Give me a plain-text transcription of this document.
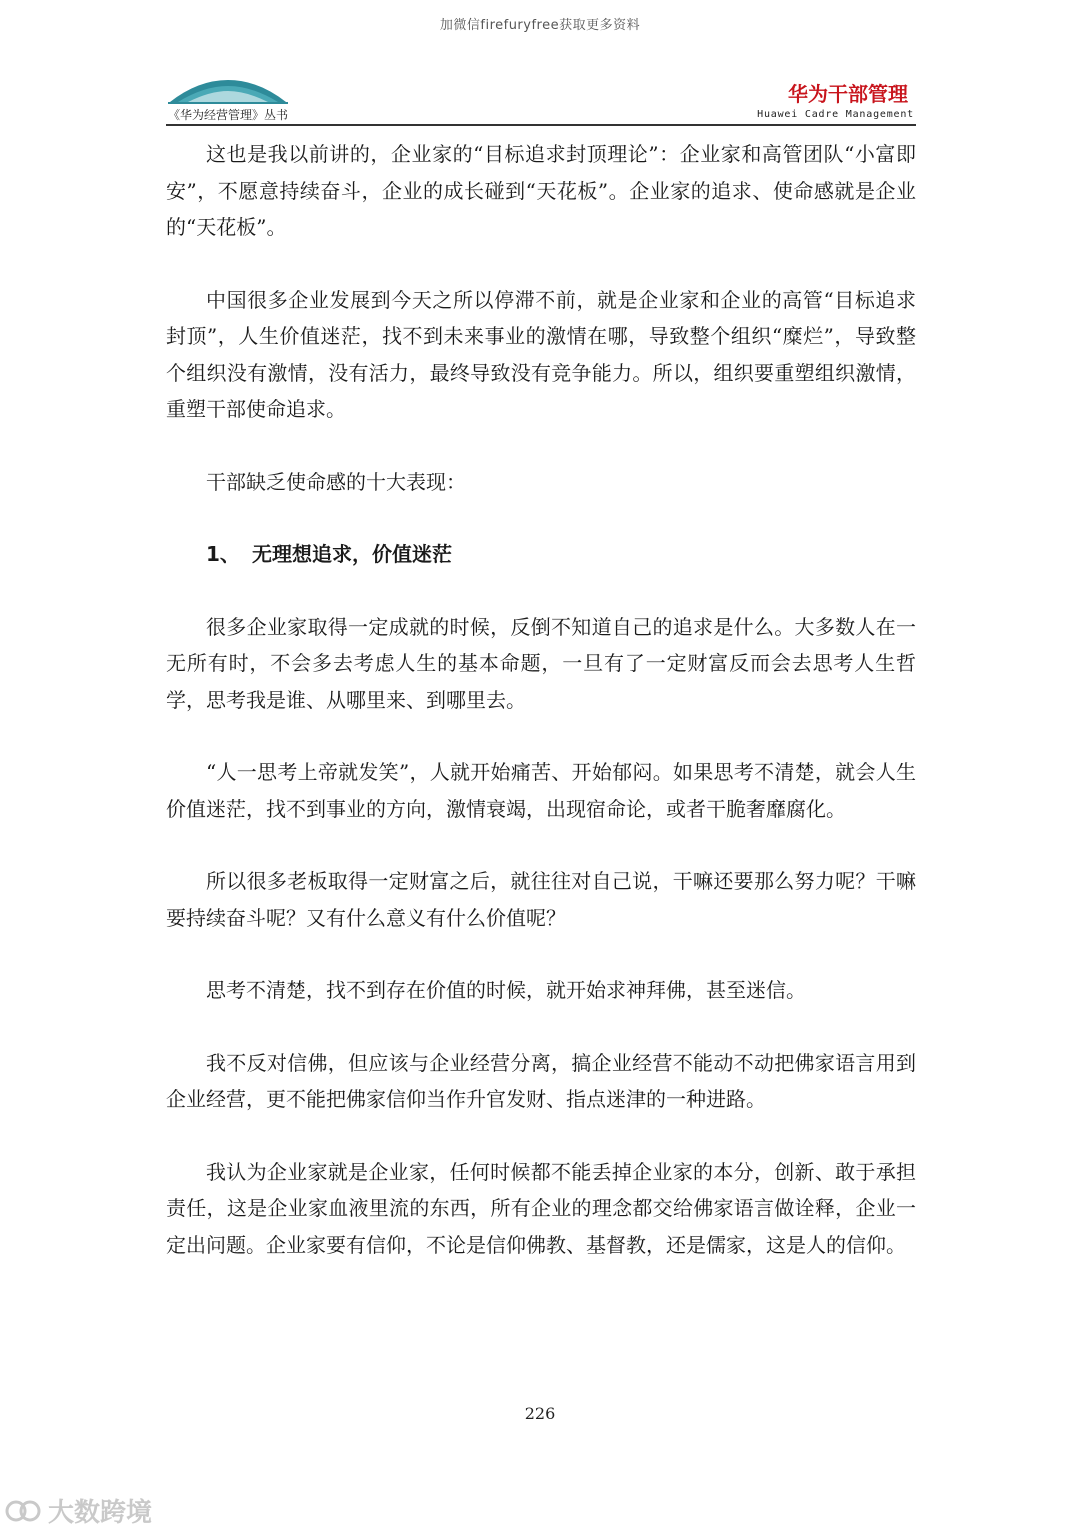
加微信firefuryfree获取更多资料
《华为经营管理》丛书
华为干部管理
Huawei Cadre Management

这也是我以前讲的，企业家的“目标追求封顶理论”：企业家和高管团队“小富即安”，不愿意持续奋斗，企业的成长碰到“天花板”。企业家的追求、使命感就是企业的“天花板”。

中国很多企业发展到今天之所以停滞不前，就是企业家和企业的高管“目标追求封顶”，人生价值迷茫，找不到未来事业的激情在哪，导致整个组织“糜烂”，导致整个组织没有激情，没有活力，最终导致没有竞争能力。所以，组织要重塑组织激情，重塑干部使命追求。

干部缺乏使命感的十大表现：

1、 无理想追求，价值迷茫

很多企业家取得一定成就的时候，反倒不知道自己的追求是什么。大多数人在一无所有时，不会多去考虑人生的基本命题，一旦有了一定财富反而会去思考人生哲学，思考我是谁、从哪里来、到哪里去。

“人一思考上帝就发笑”，人就开始痛苦、开始郁闷。如果思考不清楚，就会人生价值迷茫，找不到事业的方向，激情衰竭，出现宿命论，或者干脆奢靡腐化。

所以很多老板取得一定财富之后，就往往对自己说，干嘛还要那么努力呢？干嘛要持续奋斗呢？又有什么意义有什么价值呢？

思考不清楚，找不到存在价值的时候，就开始求神拜佛，甚至迷信。

我不反对信佛，但应该与企业经营分离，搞企业经营不能动不动把佛家语言用到企业经营，更不能把佛家信仰当作升官发财、指点迷津的一种进路。

我认为企业家就是企业家，任何时候都不能丢掉企业家的本分，创新、敢于承担责任，这是企业家血液里流的东西，所有企业的理念都交给佛家语言做诠释，企业一定出问题。企业家要有信仰，不论是信仰佛教、基督教，还是儒家，这是人的信仰。

226
大数跨境
